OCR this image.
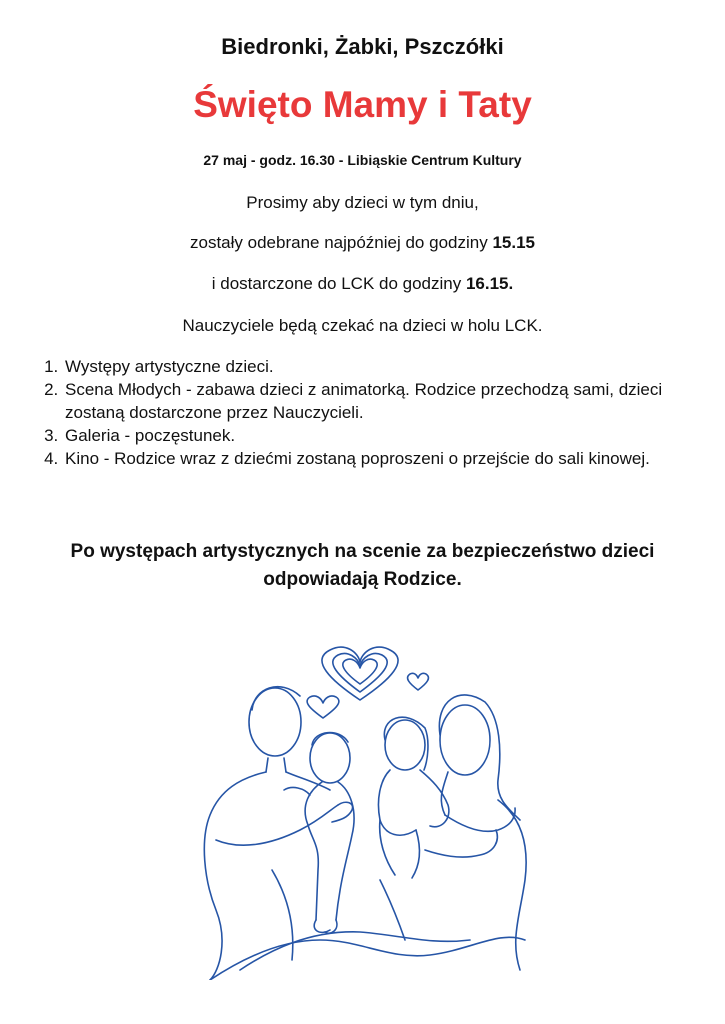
Biedronki, Żabki, Pszczółki
Święto Mamy i Taty
27 maj - godz. 16.30 - Libiąskie Centrum Kultury
Prosimy aby dzieci w tym dniu,
zostały odebrane najpóźniej do godziny 15.15
i dostarczone do LCK do godziny 16.15.
Nauczyciele będą czekać na dzieci w holu LCK.
1. Występy artystyczne dzieci.
2. Scena Młodych - zabawa dzieci z animatorką. Rodzice przechodzą sami, dzieci zostaną dostarczone przez Nauczycieli.
3. Galeria - poczęstunek.
4. Kino - Rodzice wraz z dziećmi zostaną poproszeni o przejście do sali kinowej.
Po występach artystycznych na scenie za bezpieczeństwo dzieci odpowiadają Rodzice.
